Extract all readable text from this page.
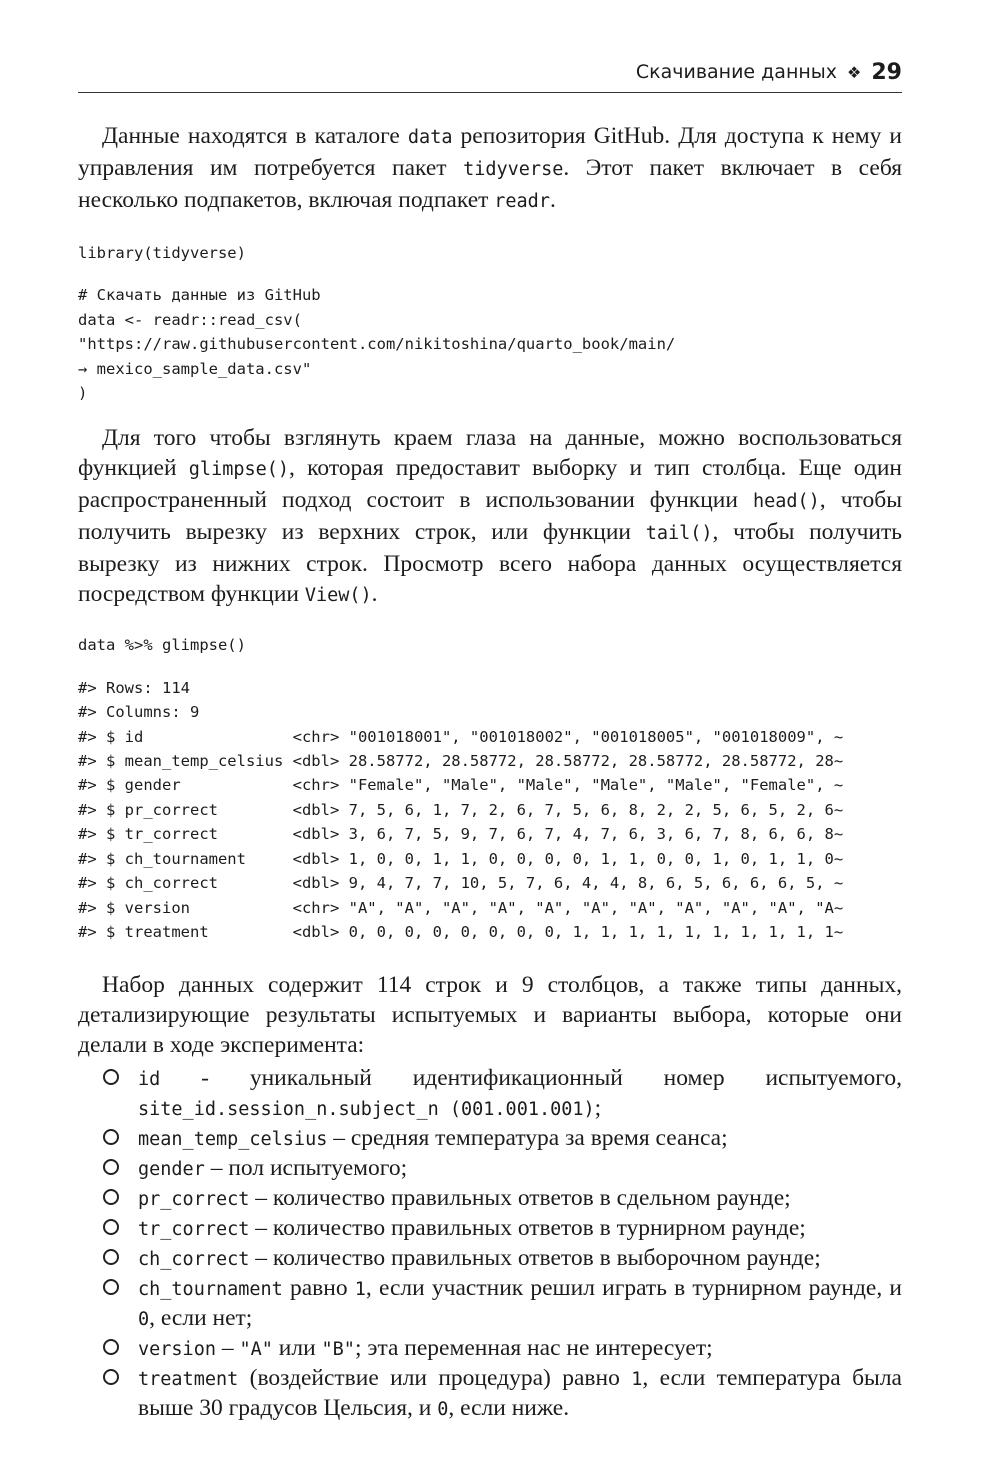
Скачивание данных ❖ 29

Данные находятся в каталоге data репозитория GitHub. Для доступа к нему и управления им потребуется пакет tidyverse. Этот пакет включает в себя несколько подпакетов, включая подпакет readr.

library(tidyverse)
# Скачать данные из GitHub
data <- readr::read_csv(
"https://raw.githubusercontent.com/nikitoshina/quarto_book/main/
→ mexico_sample_data.csv"
)

Для того чтобы взглянуть краем глаза на данные, можно воспользоваться функцией glimpse(), которая предоставит выборку и тип столбца. Еще один распространенный подход состоит в использовании функции head(), чтобы получить вырезку из верхних строк, или функции tail(), чтобы получить вырезку из нижних строк. Просмотр всего набора данных осуществляется посредством функции View().

data %>% glimpse()
#> Rows: 114
#> Columns: 9
#> $ id                <chr> "001018001", "001018002", "001018005", "001018009", ~
#> $ mean_temp_celsius <dbl> 28.58772, 28.58772, 28.58772, 28.58772, 28.58772, 28~
#> $ gender            <chr> "Female", "Male", "Male", "Male", "Male", "Female", ~
#> $ pr_correct        <dbl> 7, 5, 6, 1, 7, 2, 6, 7, 5, 6, 8, 2, 2, 5, 6, 5, 2, 6~
#> $ tr_correct        <dbl> 3, 6, 7, 5, 9, 7, 6, 7, 4, 7, 6, 3, 6, 7, 8, 6, 6, 8~
#> $ ch_tournament     <dbl> 1, 0, 0, 1, 1, 0, 0, 0, 0, 1, 1, 0, 0, 1, 0, 1, 1, 0~
#> $ ch_correct        <dbl> 9, 4, 7, 7, 10, 5, 7, 6, 4, 4, 8, 6, 5, 6, 6, 6, 5, ~
#> $ version           <chr> "A", "A", "A", "A", "A", "A", "A", "A", "A", "A", "A~
#> $ treatment         <dbl> 0, 0, 0, 0, 0, 0, 0, 0, 1, 1, 1, 1, 1, 1, 1, 1, 1, 1~

Набор данных содержит 114 строк и 9 столбцов, а также типы данных, детализирующие результаты испытуемых и варианты выбора, которые они делали в ходе эксперимента:

id - уникальный идентификационный номер испытуемого, site_id.session_n.subject_n (001.001.001);
mean_temp_celsius – средняя температура за время сеанса;
gender – пол испытуемого;
pr_correct – количество правильных ответов в сдельном раунде;
tr_correct – количество правильных ответов в турнирном раунде;
ch_correct – количество правильных ответов в выборочном раунде;
ch_tournament равно 1, если участник решил играть в турнирном раунде, и 0, если нет;
version – "A" или "B"; эта переменная нас не интересует;
treatment (воздействие или процедура) равно 1, если температура была выше 30 градусов Цельсия, и 0, если ниже.
